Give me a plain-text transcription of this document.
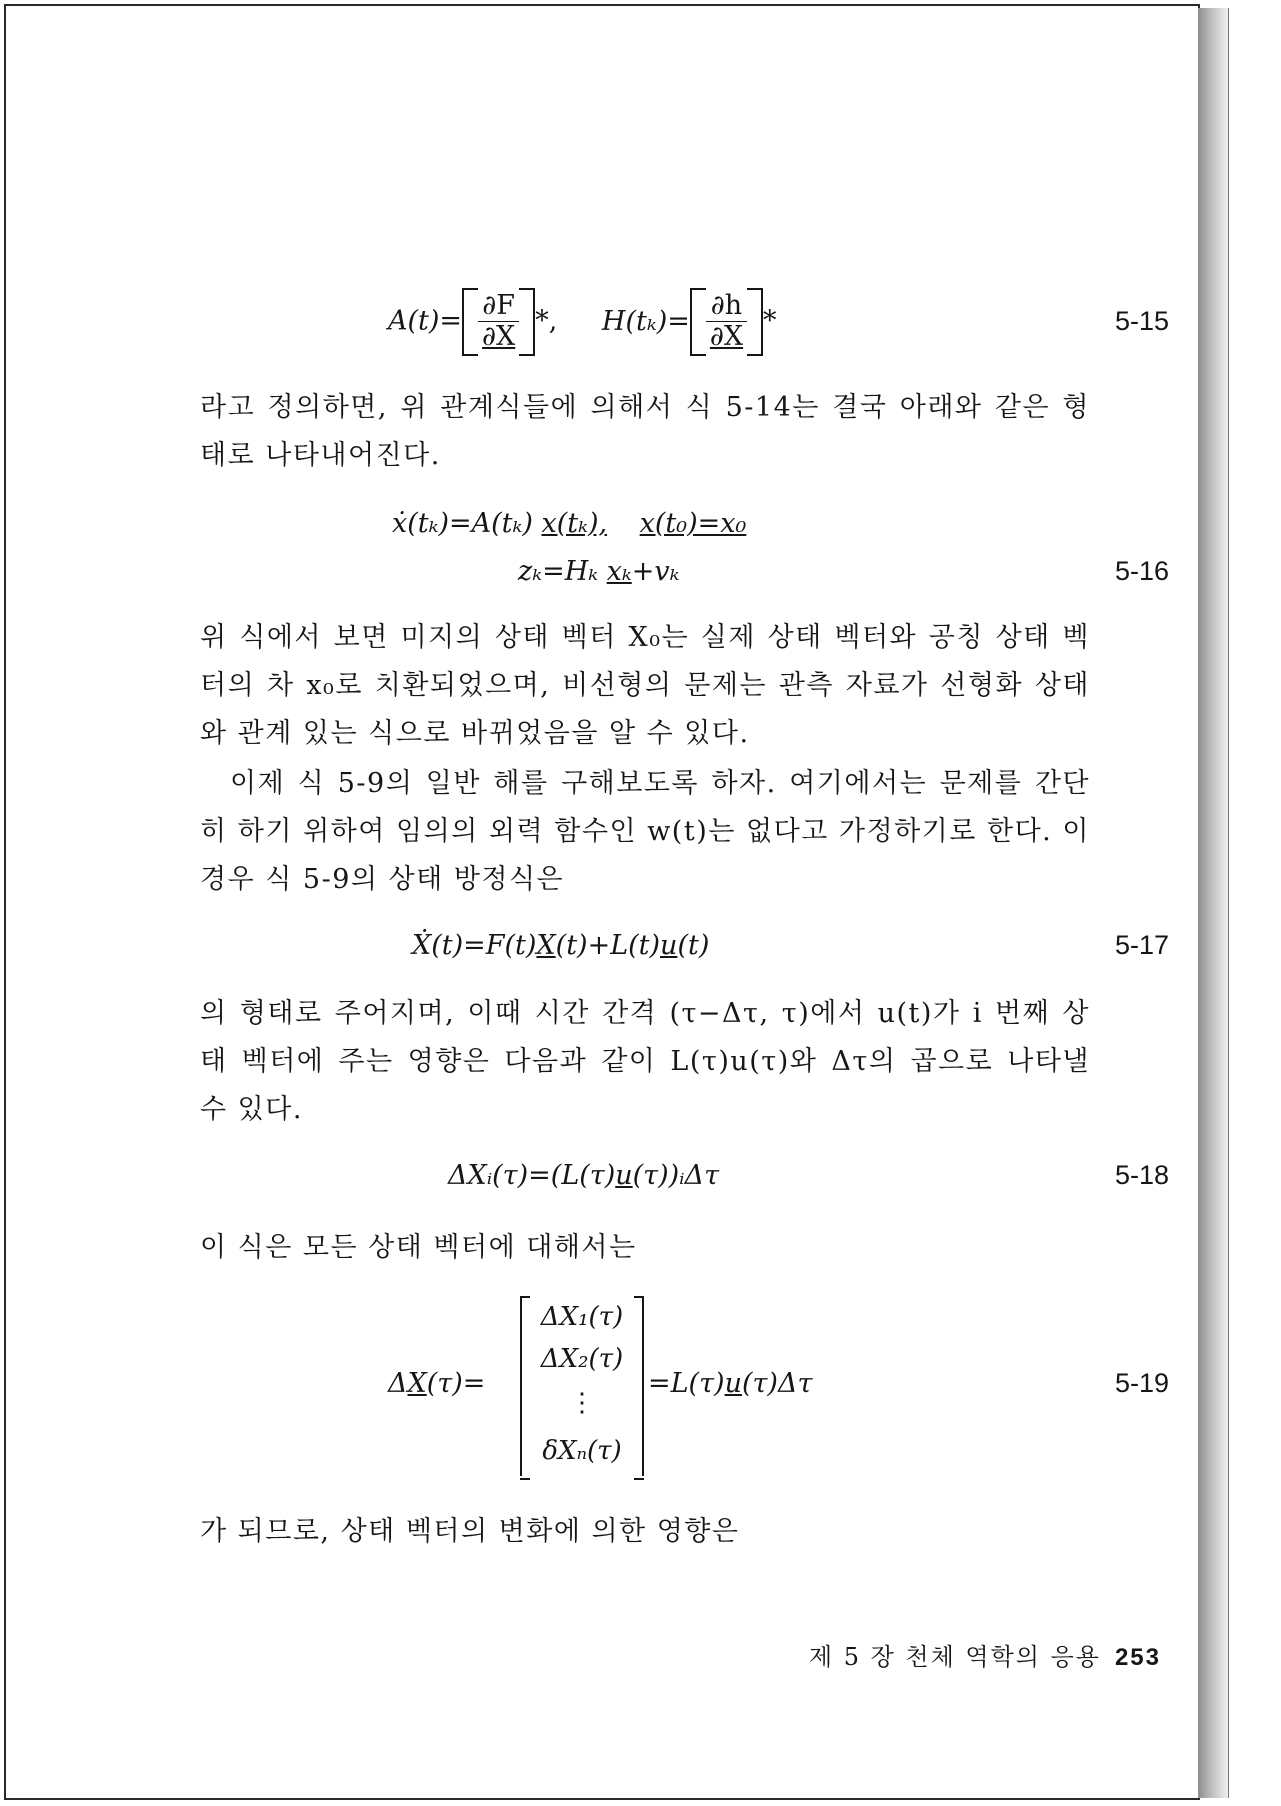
$A(t)= \frac{\partial F}{\partial X}$ *, $H(t_k)= \frac{\partial h}{\partial X}$ *	5-15

라고 정의하면, 위 관계식들에 의해서 식 5-14는 결국 아래와 같은 형태로 나타내어진다.

ẋ(tₖ)=A(tₖ) x(tₖ), x(t₀)=x₀
zₖ=Hₖ xₖ+vₖ	5-16

위 식에서 보면 미지의 상태 벡터 X₀는 실제 상태 벡터와 공칭 상태 벡터의 차 x₀로 치환되었으며, 비선형의 문제는 관측 자료가 선형화 상태와 관계 있는 식으로 바뀌었음을 알 수 있다.

이제 식 5-9의 일반 해를 구해보도록 하자. 여기에서는 문제를 간단히 하기 위하여 임의의 외력 함수인 w(t)는 없다고 가정하기로 한다. 이 경우 식 5-9의 상태 방정식은

Ẋ(t)=F(t)X(t)+L(t)u(t)	5-17

의 형태로 주어지며, 이때 시간 간격 (τ−Δτ, τ)에서 u(t)가 i 번째 상태 벡터에 주는 영향은 다음과 같이 L(τ)u(τ)와 Δτ의 곱으로 나타낼 수 있다.

ΔXᵢ(τ)=(L(τ)u(τ))ᵢΔτ	5-18

이 식은 모든 상태 벡터에 대해서는

ΔX(τ)=
ΔX₁(τ)
ΔX₂(τ)
⋮
δXₙ(τ)
=L(τ)u(τ)Δτ	5-19

가 되므로, 상태 벡터의 변화에 의한 영향은

제 5 장 천체 역학의 응용 253
